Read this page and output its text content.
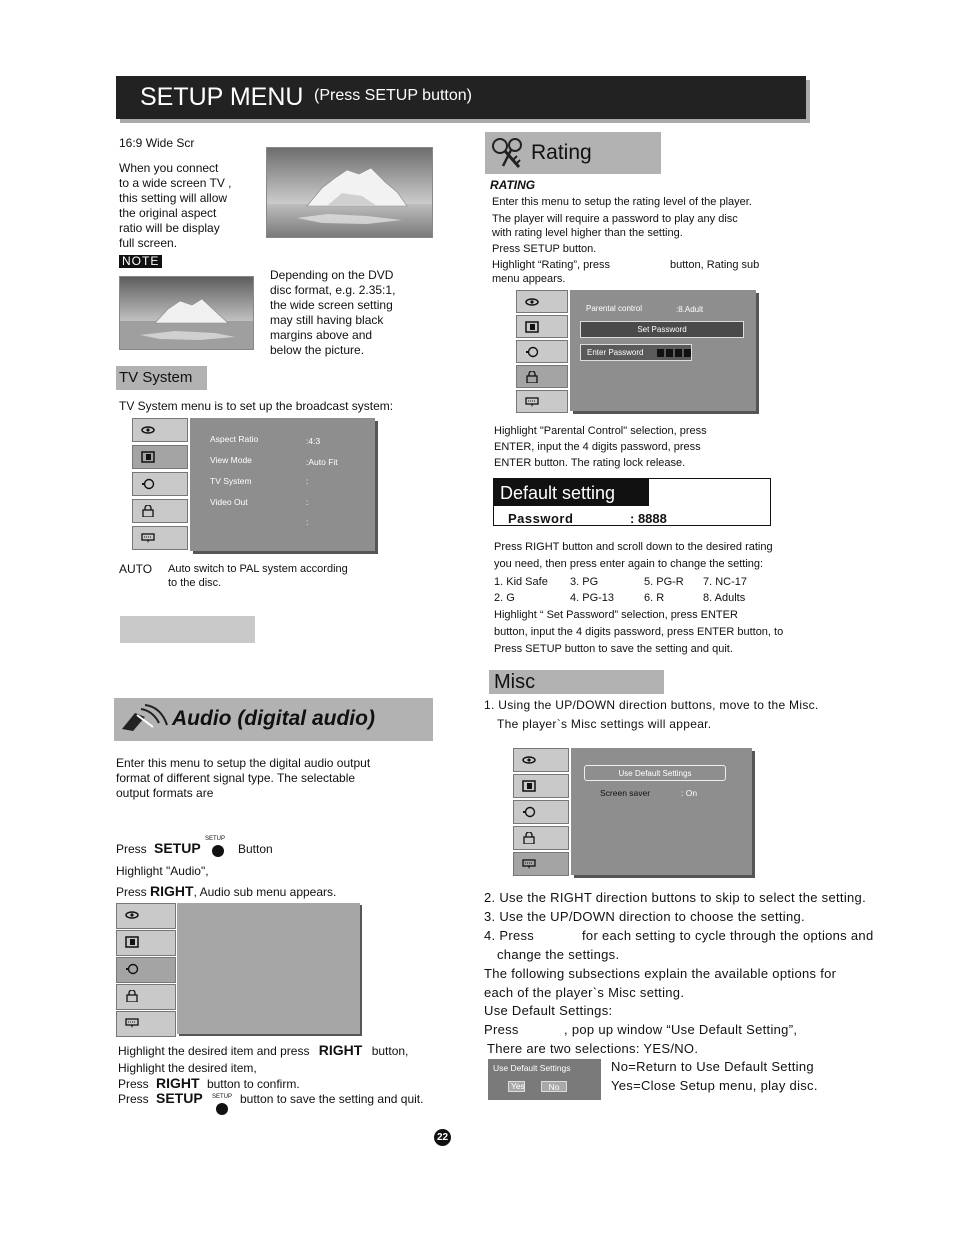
SETUP MENU (Press SETUP button)
16:9 Wide Scr
When you connect
to a wide screen TV ,
this setting will allow
the original aspect
ratio will be display
full screen.
NOTE
Depending on the DVD
disc format, e.g. 2.35:1,
the wide screen setting
may still having black
margins above and
below the picture.
TV System
TV System menu is to set up the broadcast system:
Aspect Ratio	:4:3
View Mode	:Auto Fit
TV System	:
Video Out	:
:
AUTO Auto switch to PAL system according
to the disc.
Audio (digital audio)
Enter this menu to setup the digital audio output
format of different signal type. The selectable
output formats are
Press SETUP
SETUP
Button
Highlight "Audio",
Press RIGHT, Audio sub menu appears.
Highlight the desired item and press RIGHT button,
Highlight the desired item,
Press RIGHT button to confirm.
Press SETUP SETUP button to save the setting and quit.
Rating
RATING
Enter this menu to setup the rating level of the player.
The player will require a password to play any disc
with rating level higher than the setting.
Press SETUP button.
Highlight “Rating”, press	button, Rating sub
menu appears.
Parental control	:8.Adult
Set Password
Enter Password
Highlight "Parental Control" selection, press
ENTER, input the 4 digits password, press
ENTER button. The rating lock release.
Default setting
Password	: 8888
Press RIGHT button and scroll down to the desired rating
you need, then press enter again to change the setting:
1. Kid Safe 3. PG	5. PG-R 7. NC-17
2. G	4. PG-13	6. R	8. Adults
Highlight “ Set Password” selection, press ENTER
button, input the 4 digits password, press ENTER button, to
Press SETUP button to save the setting and quit.
Misc
1. Using the UP/DOWN direction buttons, move to the Misc.
The player`s Misc settings will appear.
Use Default Settings
Screen saver	: On
2. Use the RIGHT direction buttons to skip to select the setting.
3. Use the UP/DOWN direction to choose the setting.
4. Press	for each setting to cycle through the options and
change the settings.
The following subsections explain the available options for
each of the player`s Misc setting.
Use Default Settings:
Press	, pop up window “Use Default Setting”,
There are two selections: YES/NO.
Use Default Settings
Yes	No
No=Return to Use Default Setting
Yes=Close Setup menu, play disc.
22
